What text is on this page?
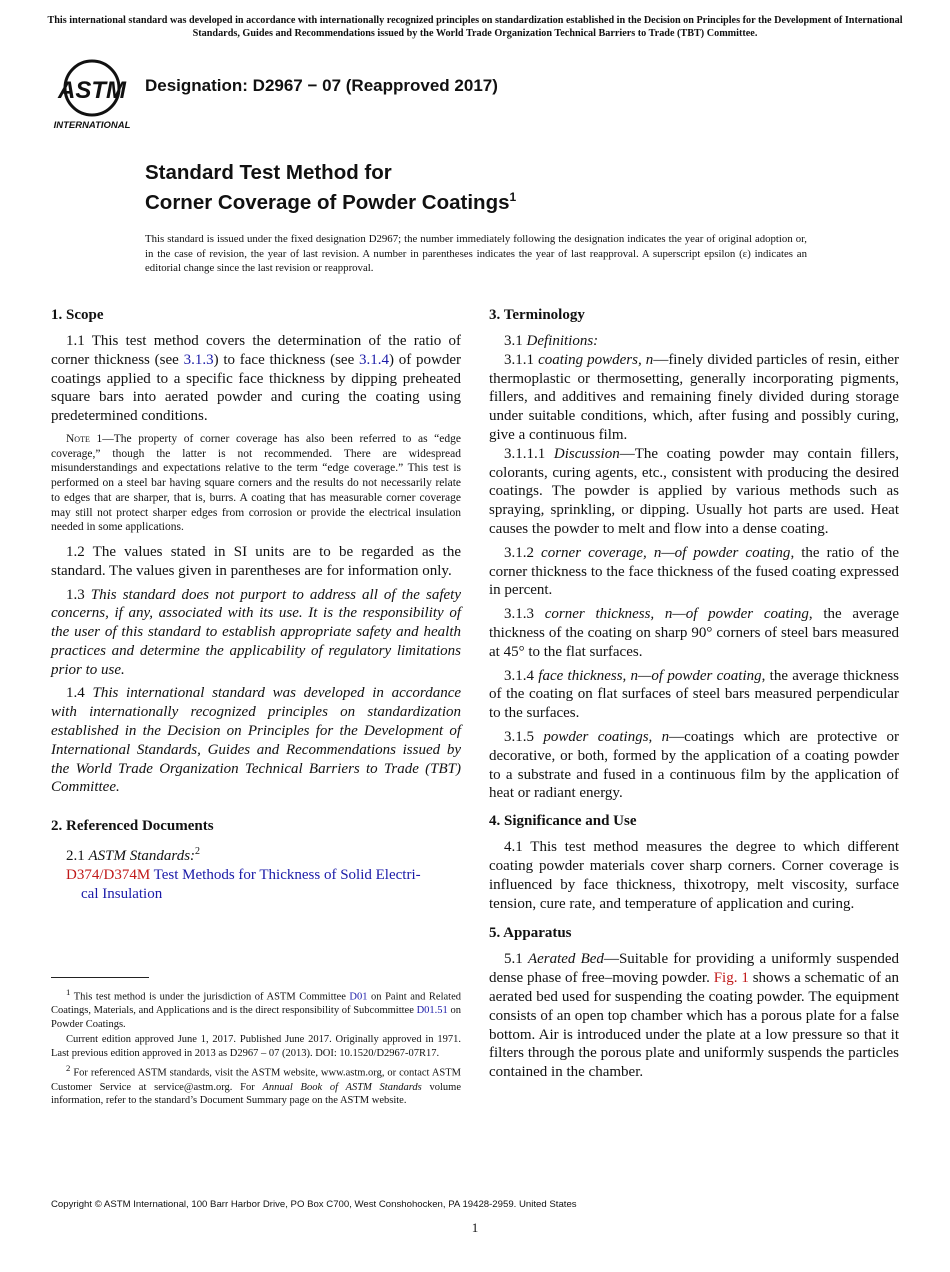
This international standard was developed in accordance with internationally recognized principles on standardization established in the Decision on Principles for the Development of International Standards, Guides and Recommendations issued by the World Trade Organization Technical Barriers to Trade (TBT) Committee.
ASTM
INTERNATIONAL
Designation: D2967 − 07 (Reapproved 2017)
Standard Test Method for
Corner Coverage of Powder Coatings$^1$
This standard is issued under the fixed designation D2967; the number immediately following the designation indicates the year of original adoption or, in the case of revision, the year of last revision. A number in parentheses indicates the year of last reapproval. A superscript epsilon (ε) indicates an editorial change since the last revision or reapproval.
1. Scope

1.1 This test method covers the determination of the ratio of corner thickness (see 3.1.3) to face thickness (see 3.1.4) of powder coatings applied to a specific face thickness by dipping preheated square bars into aerated powder and curing the coating using predetermined conditions.

Note 1—The property of corner coverage has also been referred to as “edge coverage,” though the latter is not recommended. There are widespread misunderstandings and expectations relative to the term “edge coverage.” This test is performed on a steel bar having square corners and the results do not necessarily relate to edges that are sharper, that is, burrs. A coating that has measurable corner coverage may still not protect sharper edges from corrosion or provide the electrical insulation needed in some applications.

1.2 The values stated in SI units are to be regarded as the standard. The values given in parentheses are for information only.

1.3 This standard does not purport to address all of the safety concerns, if any, associated with its use. It is the responsibility of the user of this standard to establish appropriate safety and health practices and determine the applicability of regulatory limitations prior to use.

1.4 This international standard was developed in accordance with internationally recognized principles on standardization established in the Decision on Principles for the Development of International Standards, Guides and Recommendations issued by the World Trade Organization Technical Barriers to Trade (TBT) Committee.

2. Referenced Documents

2.1 ASTM Standards:$^2$

D374/D374M Test Methods for Thickness of Solid Electri-

cal Insulation

$^1$ This test method is under the jurisdiction of ASTM Committee D01 on Paint and Related Coatings, Materials, and Applications and is the direct responsibility of Subcommittee D01.51 on Powder Coatings.

Current edition approved June 1, 2017. Published June 2017. Originally approved in 1971. Last previous edition approved in 2013 as D2967 – 07 (2013). DOI: 10.1520/D2967-07R17.

$^2$ For referenced ASTM standards, visit the ASTM website, www.astm.org, or contact ASTM Customer Service at service@astm.org. For Annual Book of ASTM Standards volume information, refer to the standard’s Document Summary page on the ASTM website.

3. Terminology

3.1 Definitions:

3.1.1 coating powders, n—finely divided particles of resin, either thermoplastic or thermosetting, generally incorporating pigments, fillers, and additives and remaining finely divided during storage under suitable conditions, which, after fusing and possibly curing, give a continuous film.

3.1.1.1 Discussion—The coating powder may contain fillers, colorants, curing agents, etc., consistent with producing the desired coatings. The powder is applied by various methods such as spraying, sprinkling, or dipping. Usually hot parts are used. Heat causes the powder to melt and flow into a dense coating.

3.1.2 corner coverage, n—of powder coating, the ratio of the corner thickness to the face thickness of the fused coating expressed in percent.

3.1.3 corner thickness, n—of powder coating, the average thickness of the coating on sharp 90° corners of steel bars measured at 45° to the flat surfaces.

3.1.4 face thickness, n—of powder coating, the average thickness of the coating on flat surfaces of steel bars measured perpendicular to the surfaces.

3.1.5 powder coatings, n—coatings which are protective or decorative, or both, formed by the application of a coating powder to a substrate and fused in a continuous film by the application of heat or radiant energy.

4. Significance and Use

4.1 This test method measures the degree to which different coating powder materials cover sharp corners. Corner coverage is influenced by face thickness, thixotropy, melt viscosity, surface tension, cure rate, and temperature of application and curing.

5. Apparatus

5.1 Aerated Bed—Suitable for providing a uniformly suspended dense phase of free–moving powder. Fig. 1 shows a schematic of an aerated bed used for suspending the coating powder. The equipment consists of an open top chamber which has a porous plate for a false bottom. Air is introduced under the plate at a low pressure so that it filters through the porous plate and uniformly suspends the particles contained in the chamber.

Copyright © ASTM International, 100 Barr Harbor Drive, PO Box C700, West Conshohocken, PA 19428-2959. United States
1
